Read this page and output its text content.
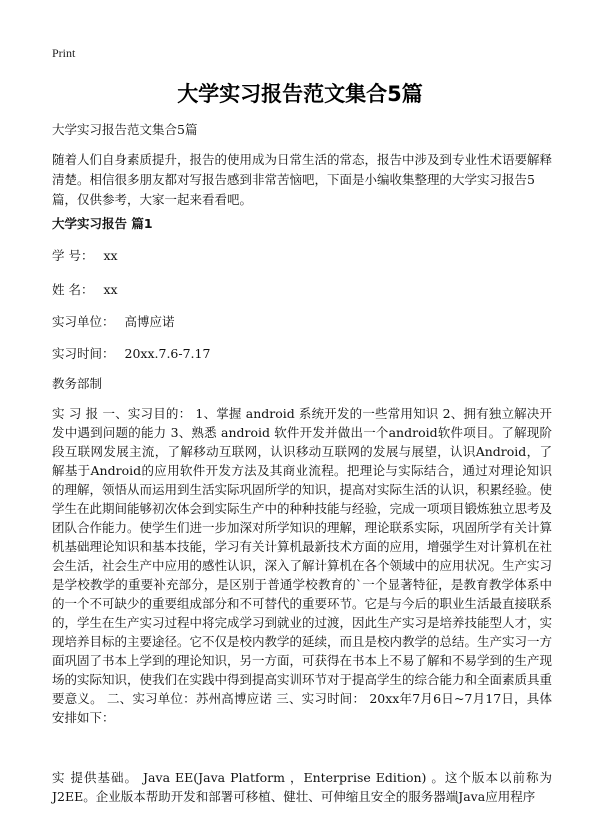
Print
大学实习报告范文集合5篇
大学实习报告范文集合5篇
随着人们自身素质提升，报告的使用成为日常生活的常态，报告中涉及到专业性术语要解释清楚。相信很多朋友都对写报告感到非常苦恼吧，下面是小编收集整理的大学实习报告5篇，仅供参考，大家一起来看看吧。
大学实习报告 篇1
学 号： xx
姓 名： xx
实习单位： 高博应诺
实习时间： 20xx.7.6-7.17
教务部制
实 习 报 一、实习目的： 1、掌握 android 系统开发的一些常用知识 2、拥有独立解决开发中遇到问题的能力 3、熟悉 android 软件开发并做出一个android软件项目。了解现阶段互联网发展主流，了解移动互联网，认识移动互联网的发展与展望，认识Android，了解基于Android的应用软件开发方法及其商业流程。把理论与实际结合，通过对理论知识的理解，领悟从而运用到生活实际巩固所学的知识，提高对实际生活的认识，积累经验。使学生在此期间能够初次体会到实际生产中的种种技能与经验，完成一项项目锻炼独立思考及团队合作能力。使学生们进一步加深对所学知识的理解，理论联系实际，巩固所学有关计算机基础理论知识和基本技能，学习有关计算机最新技术方面的应用，增强学生对计算机在社会生活，社会生产中应用的感性认识，深入了解计算机在各个领域中的应用状况。生产实习是学校教学的重要补充部分，是区别于普通学校教育的`一个显著特征，是教育教学体系中的一个不可缺少的重要组成部分和不可替代的重要环节。它是与今后的职业生活最直接联系的，学生在生产实习过程中将完成学习到就业的过渡，因此生产实习是培养技能型人才，实现培养目标的主要途径。它不仅是校内教学的延续，而且是校内教学的总结。生产实习一方面巩固了书本上学到的理论知识，另一方面，可获得在书本上不易了解和不易学到的生产现场的实际知识，使我们在实践中得到提高实训环节对于提高学生的综合能力和全面素质具重要意义。 二、实习单位：苏州高博应诺 三、实习时间： 20xx年7月6日~7月17日，具体安排如下：
实 提供基础。 Java EE(Java Platform ，Enterprise Edition) 。这个版本以前称为J2EE。企业版本帮助开发和部署可移植、健壮、可伸缩且安全的服务器端Java应用程序
